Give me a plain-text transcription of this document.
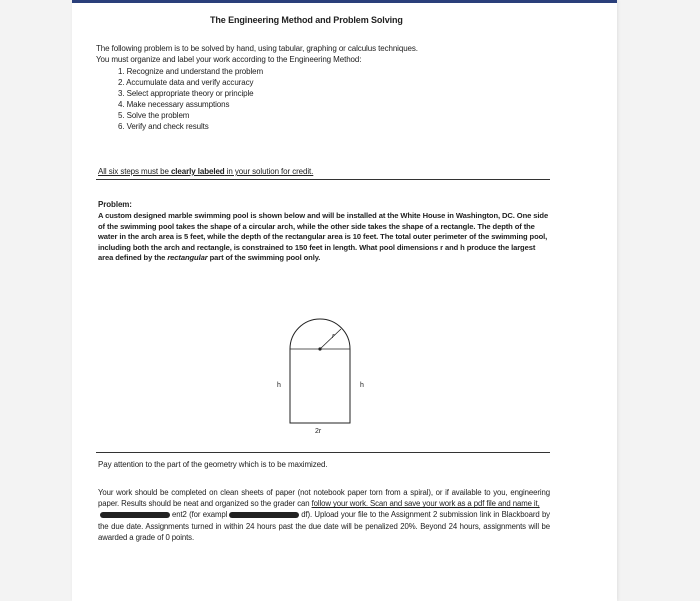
The Engineering Method and Problem Solving
The following problem is to be solved by hand, using tabular, graphing or calculus techniques.
You must organize and label your work according to the Engineering Method:
1. Recognize and understand the problem
2. Accumulate data and verify accuracy
3. Select appropriate theory or principle
4. Make necessary assumptions
5. Solve the problem
6. Verify and check results
All six steps must be clearly labeled in your solution for credit.
Problem:
A custom designed marble swimming pool is shown below and will be installed at the White House in Washington, DC. One side of the swimming pool takes the shape of a circular arch, while the other side takes the shape of a rectangle. The depth of the water in the arch area is 5 feet, while the depth of the rectangular area is 10 feet. The total outer perimeter of the swimming pool, including both the arch and rectangle, is constrained to 150 feet in length. What pool dimensions r and h produce the largest area defined by the rectangular part of the swimming pool only.
r
h	h
2r
Pay attention to the part of the geometry which is to be maximized.
Your work should be completed on clean sheets of paper (not notebook paper torn from a spiral), or if available to you, engineering paper. Results should be neat and organized so the grader can follow your work. Scan and save your work as a pdf file and name it,
ent2 (for exampl	df). Upload your file to the Assignment 2 submission link in Blackboard by the due date. Assignments turned in within 24 hours past the due date will be penalized 20%. Beyond 24 hours, assignments will be awarded a grade of 0 points.
